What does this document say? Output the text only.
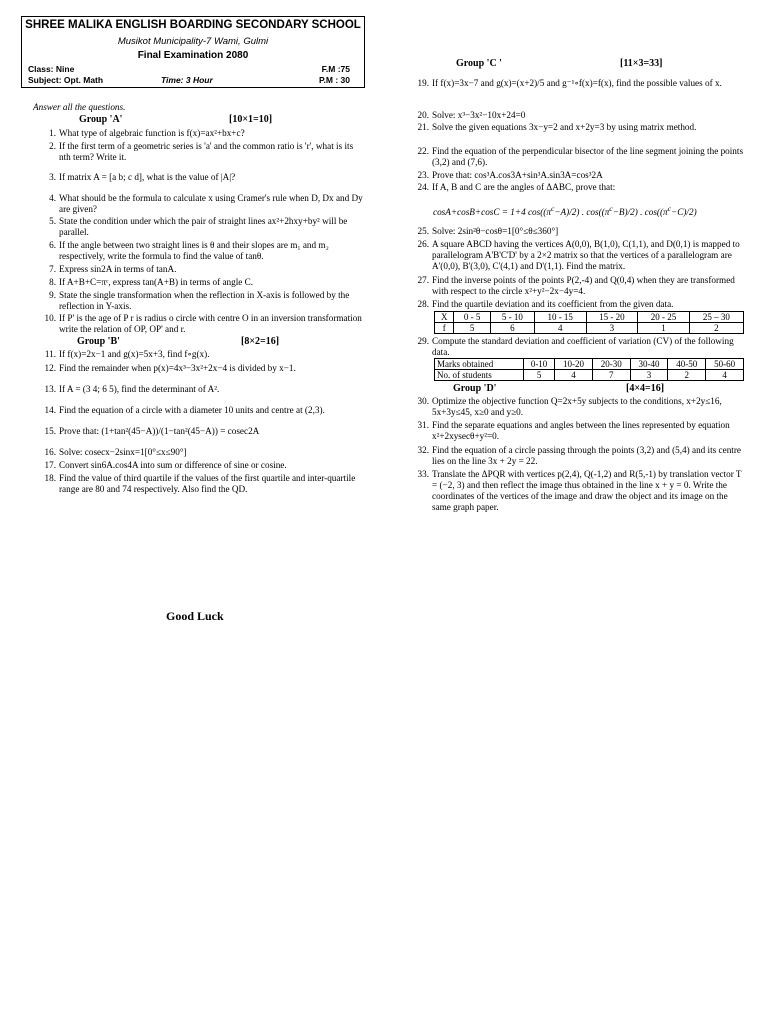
SHREE MALIKA ENGLISH BOARDING SECONDARY SCHOOL
Musikot Municipality-7 Wami, Gulmi
Final Examination 2080
Class: Nine	F.M :75
Subject: Opt. Math	Time: 3 Hour	P.M : 30
Answer all the questions.
Group 'A'	[10×1=10]
1. What type of algebraic function is f(x)=ax²+bx+c?
2. If the first term of a geometric series is 'a' and the common ratio is 'r', what is its nth term? Write it.
3. If matrix A = [a b; c d], what is the value of |A|?
4. What should be the formula to calculate x using Cramer's rule when D, Dx and Dy are given?
5. State the condition under which the pair of straight lines ax²+2hxy+by² will be parallel.
6. If the angle between two straight lines is θ and their slopes are m₁ and m₂ respectively, write the formula to find the value of tanθ.
7. Express sin2A in terms of tanA.
8. If A+B+C=πᶜ, express tan(A+B) in terms of angle C.
9. State the single transformation when the reflection in X-axis is followed by the reflection in Y-axis.
10. If P' is the age of P r is radius o circle with centre O in an inversion transformation write the relation of OP, OP' and r.
Group 'B'	[8×2=16]
11. If f(x)=2x−1 and g(x)=5x+3, find f∘g(x).
12. Find the remainder when p(x)=4x³−3x²+2x−4 is divided by x−1.
13. If A = (3 4; 6 5), find the determinant of A².
14. Find the equation of a circle with a diameter 10 units and centre at (2,3).
15. Prove that: (1+tan²(45−A))/(1−tan²(45−A)) = cosec2A
16. Solve: cosecx−2sinx=1[0°≤x≤90°]
17. Convert sin6A.cos4A into sum or difference of sine or cosine.
18. Find the value of third quartile if the values of the first quartile and inter-quartile range are 80 and 74 respectively. Also find the QD.
Group 'C '	[11×3=33]
19. If f(x)=3x−7 and g(x)=(x+2)/5 and g⁻¹∘f(x)=f(x), find the possible values of x.
20. Solve: x³−3x²−10x+24=0
21. Solve the given equations 3x−y=2 and x+2y=3 by using matrix method.
22. Find the equation of the perpendicular bisector of the line segment joining the points (3,2) and (7,6).
23. Prove that: cos³A.cos3A+sin³A.sin3A=cos³2A
24. If A, B and C are the angles of ΔABC, prove that:
cosA+cosB+cosC = 1+4 $\cos((\pi^c-A)/2)$ . $\cos((\pi^c-B)/2)$ . $\cos((\pi^c-C)/2)$
25. Solve: 2sin²θ−cosθ=1[0°≤θ≤360°]
26. A square ABCD having the vertices A(0,0), B(1,0), C(1,1), and D(0,1) is mapped to parallelogram A'B'C'D' by a 2×2 matrix so that the vertices of a parallelogram are A'(0,0), B'(3,0), C'(4,1) and D'(1,1). Find the matrix.
27. Find the inverse points of the points P(2,-4) and Q(0,4) when they are transformed with respect to the circle x²+y²−2x−4y=4.
28. Find the quartile deviation and its coefficient from the given data.
X	0 - 5	5 - 10	10 - 15	15 - 20	20 - 25	25 – 30
f	5	6	4	3	1	2
29. Compute the standard deviation and coefficient of variation (CV) of the following data.
Marks obtained	0-10	10-20	20-30	30-40	40-50	50-60
No. of students	5	4	7	3	2	4
Group 'D'	[4×4=16]
30. Optimize the objective function Q=2x+5y subjects to the conditions, x+2y≤16, 5x+3y≤45, x≥0 and y≥0.
31. Find the separate equations and angles between the lines represented by equation x²+2xysecθ+y²=0.
32. Find the equation of a circle passing through the points (3,2) and (5,4) and its centre lies on the line 3x + 2y = 22.
33. Translate the ΔPQR with vertices p(2,4), Q(-1,2) and R(5,-1) by translation vector T = (−2, 3) and then reflect the image thus obtained in the line x + y = 0. Write the coordinates of the vertices of the image and draw the object and its image on the same graph paper.
Good Luck
